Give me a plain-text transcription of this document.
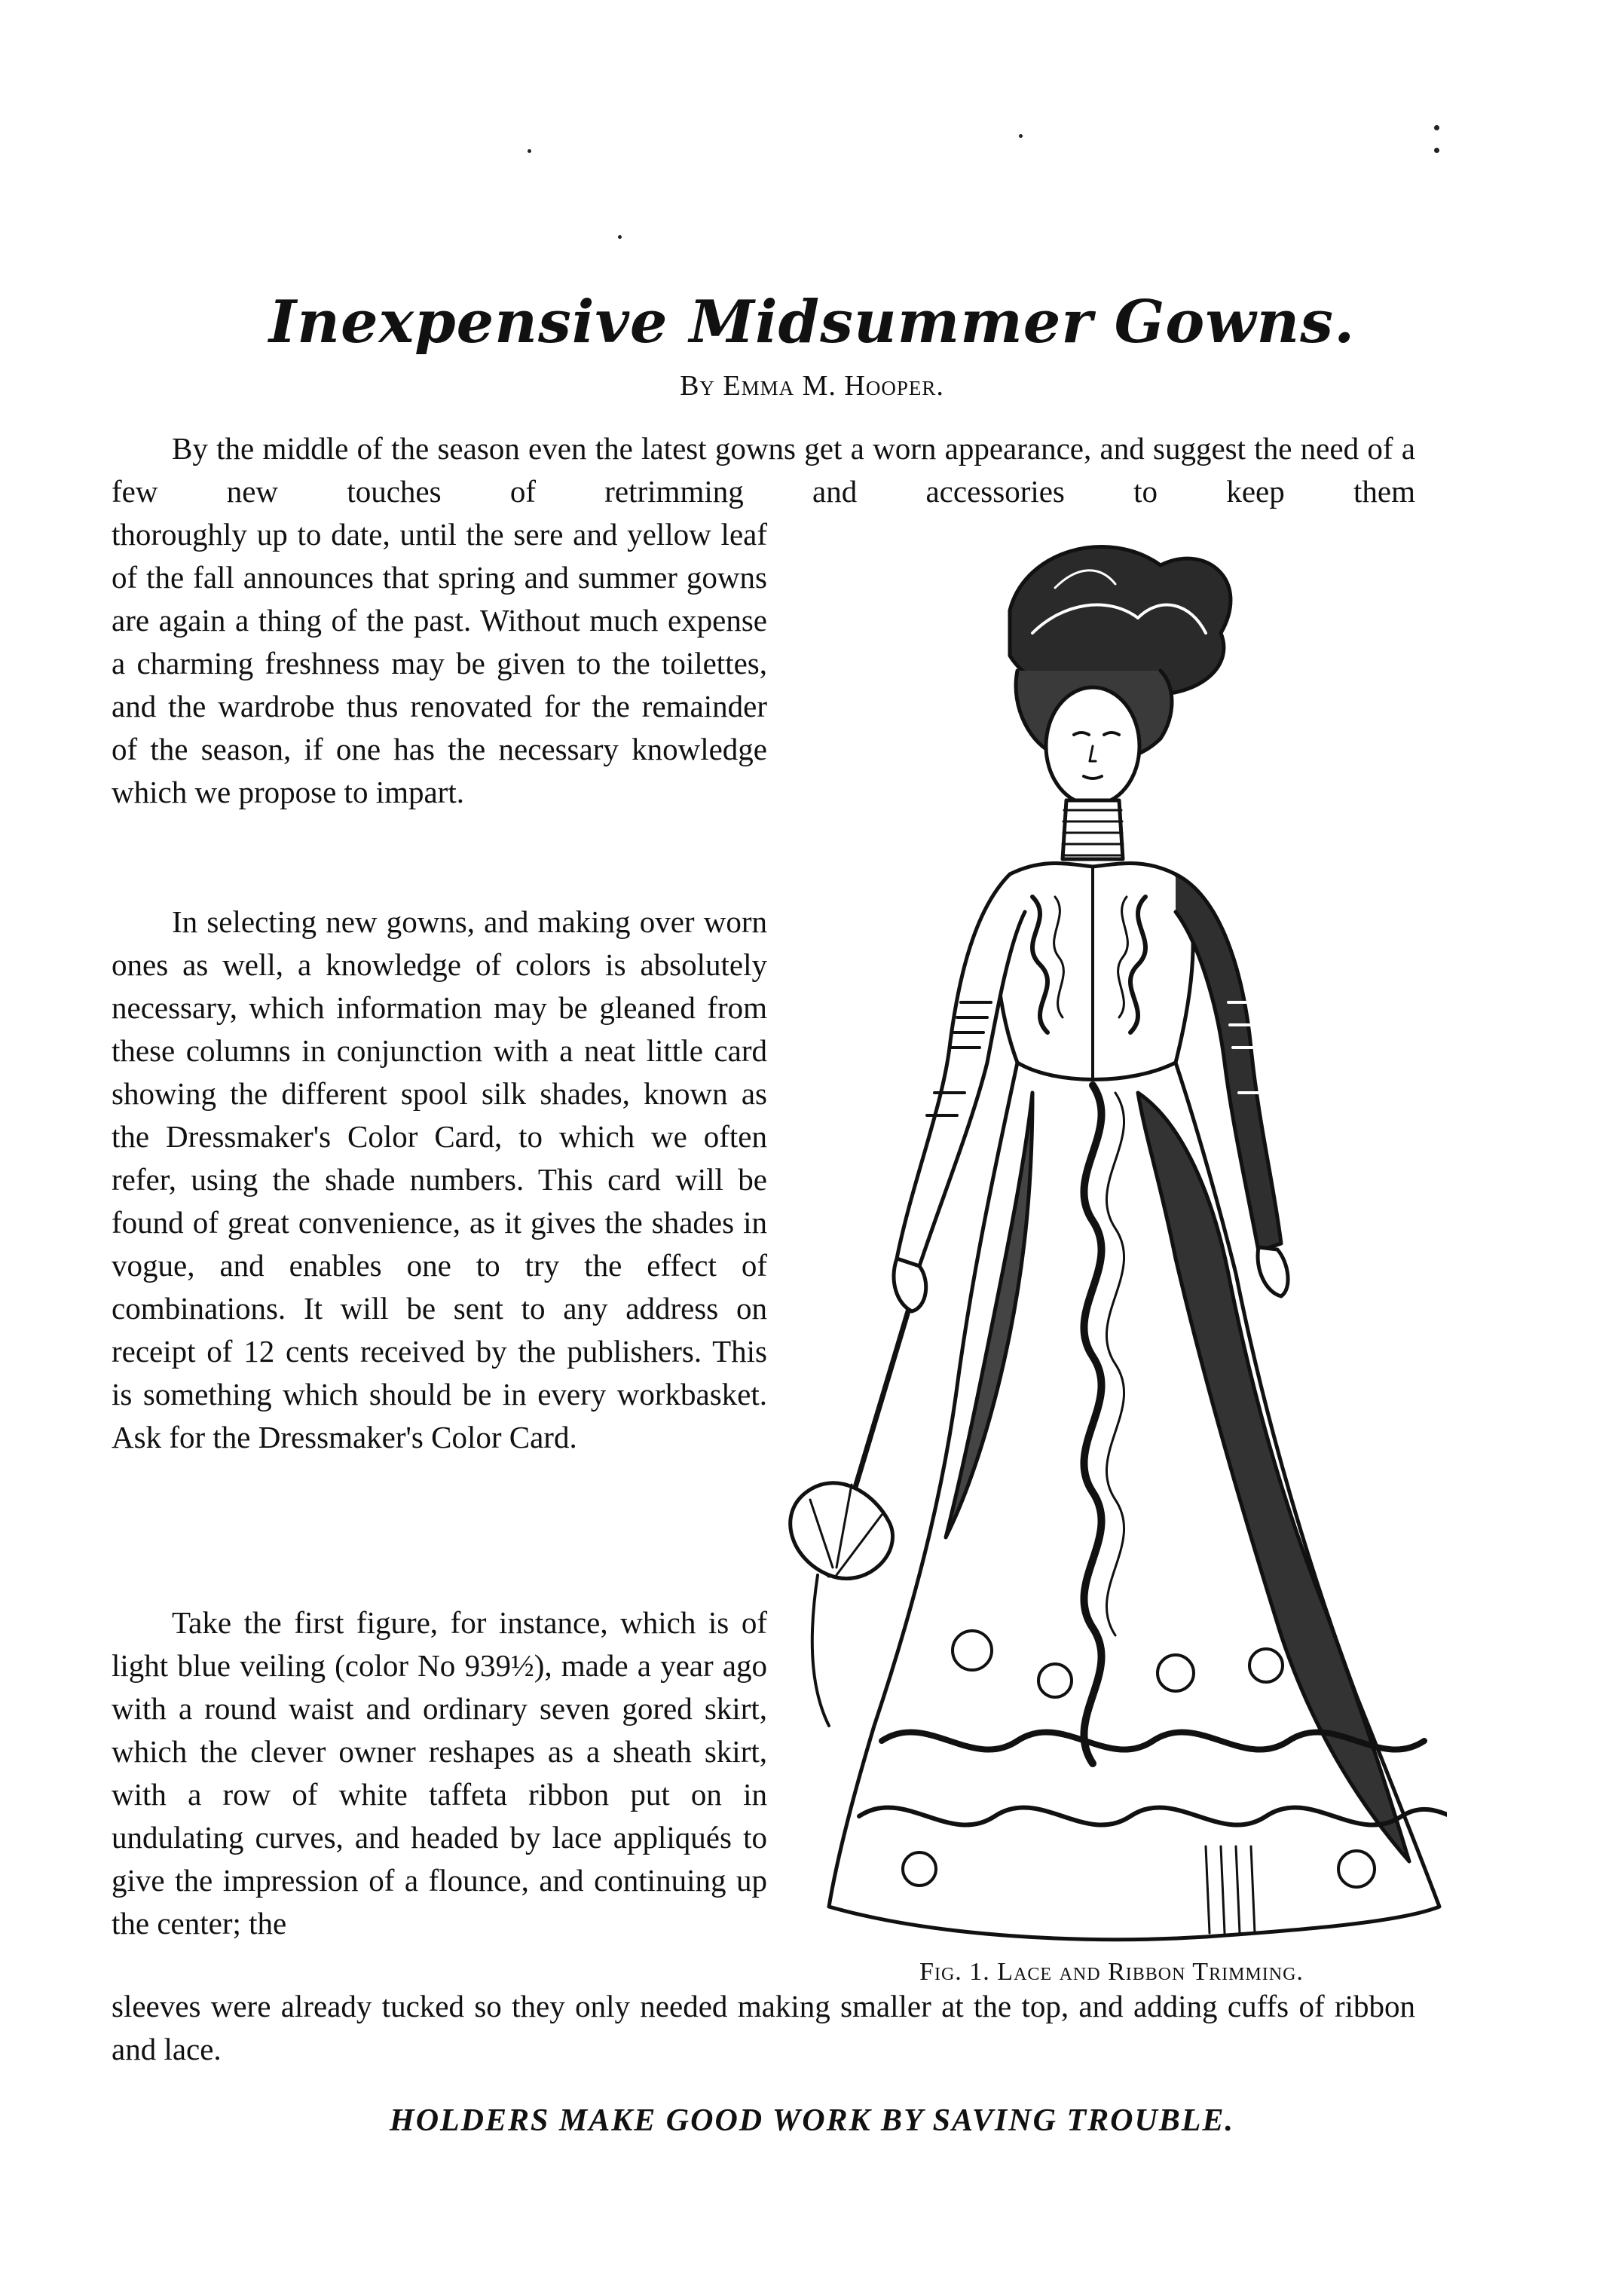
Inexpensive Midsummer Gowns.
By Emma M. Hooper.
By the middle of the season even the latest gowns get a worn appearance, and suggest the need of a few new touches of retrimming and accessories to keep them

thoroughly up to date, until the sere and yellow leaf of the fall announces that spring and summer gowns are again a thing of the past. Without much expense a charming freshness may be given to the toilettes, and the wardrobe thus renovated for the remainder of the season, if one has the necessary knowledge which we propose to impart.

In selecting new gowns, and making over worn ones as well, a knowledge of colors is absolutely necessary, which information may be gleaned from these columns in conjunction with a neat little card showing the different spool silk shades, known as the Dressmaker's Color Card, to which we often refer, using the shade numbers. This card will be found of great convenience, as it gives the shades in vogue, and enables one to try the effect of combinations. It will be sent to any address on receipt of 12 cents received by the publishers. This is something which should be in every workbasket. Ask for the Dressmaker's Color Card.

Take the first figure, for instance, which is of light blue veiling (color No 939½), made a year ago with a round waist and ordinary seven gored skirt, which the clever owner reshapes as a sheath skirt, with a row of white taffeta ribbon put on in undulating curves, and headed by lace appliqués to give the impression of a flounce, and continuing up the center; the

sleeves were already tucked so they only needed making smaller at the top, and adding cuffs of ribbon and lace.

Fig. 1. Lace and Ribbon Trimming.
HOLDERS MAKE GOOD WORK BY SAVING TROUBLE.
